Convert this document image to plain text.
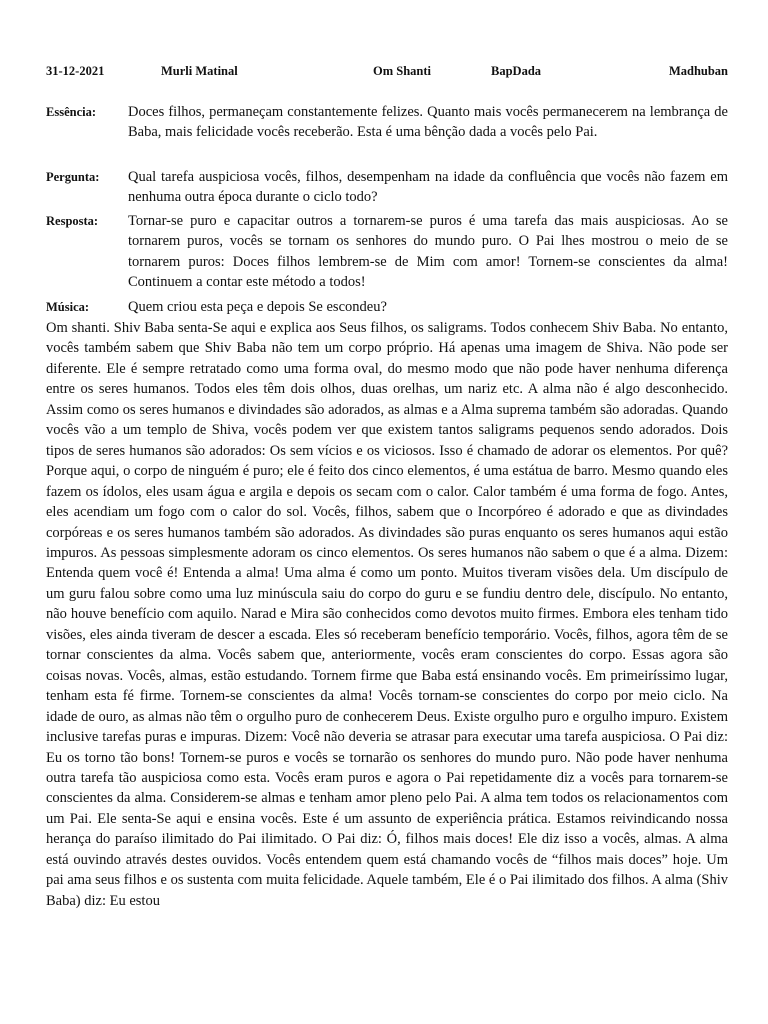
31-12-2021	Murli Matinal	Om Shanti	BapDada	Madhuban
Essência: Doces filhos, permaneçam constantemente felizes. Quanto mais vocês permanecerem na lembrança de Baba, mais felicidade vocês receberão. Esta é uma bênção dada a vocês pelo Pai.
Pergunta: Qual tarefa auspiciosa vocês, filhos, desempenham na idade da confluência que vocês não fazem em nenhuma outra época durante o ciclo todo?
Resposta: Tornar-se puro e capacitar outros a tornarem-se puros é uma tarefa das mais auspiciosas. Ao se tornarem puros, vocês se tornam os senhores do mundo puro. O Pai lhes mostrou o meio de se tornarem puros: Doces filhos lembrem-se de Mim com amor! Tornem-se conscientes da alma! Continuem a contar este método a todos!
Música:	Quem criou esta peça e depois Se escondeu?

Om shanti. Shiv Baba senta-Se aqui e explica aos Seus filhos, os saligrams. Todos conhecem Shiv Baba. No entanto, vocês também sabem que Shiv Baba não tem um corpo próprio. Há apenas uma imagem de Shiva. Não pode ser diferente. Ele é sempre retratado como uma forma oval, do mesmo modo que não pode haver nenhuma diferença entre os seres humanos. Todos eles têm dois olhos, duas orelhas, um nariz etc. A alma não é algo desconhecido. Assim como os seres humanos e divindades são adorados, as almas e a Alma suprema também são adoradas. Quando vocês vão a um templo de Shiva, vocês podem ver que existem tantos saligrams pequenos sendo adorados. Dois tipos de seres humanos são adorados: Os sem vícios e os viciosos. Isso é chamado de adorar os elementos. Por quê? Porque aqui, o corpo de ninguém é puro; ele é feito dos cinco elementos, é uma estátua de barro. Mesmo quando eles fazem os ídolos, eles usam água e argila e depois os secam com o calor. Calor também é uma forma de fogo. Antes, eles acendiam um fogo com o calor do sol. Vocês, filhos, sabem que o Incorpóreo é adorado e que as divindades corpóreas e os seres humanos também são adorados. As divindades são puras enquanto os seres humanos aqui estão impuros. As pessoas simplesmente adoram os cinco elementos. Os seres humanos não sabem o que é a alma. Dizem: Entenda quem você é! Entenda a alma! Uma alma é como um ponto. Muitos tiveram visões dela. Um discípulo de um guru falou sobre como uma luz minúscula saiu do corpo do guru e se fundiu dentro dele, discípulo. No entanto, não houve benefício com aquilo. Narad e Mira são conhecidos como devotos muito firmes. Embora eles tenham tido visões, eles ainda tiveram de descer a escada. Eles só receberam benefício temporário. Vocês, filhos, agora têm de se tornar conscientes da alma. Vocês sabem que, anteriormente, vocês eram conscientes do corpo. Essas agora são coisas novas. Vocês, almas, estão estudando. Tornem firme que Baba está ensinando vocês. Em primeiríssimo lugar, tenham esta fé firme. Tornem-se conscientes da alma! Vocês tornam-se conscientes do corpo por meio ciclo. Na idade de ouro, as almas não têm o orgulho puro de conhecerem Deus. Existe orgulho puro e orgulho impuro. Existem inclusive tarefas puras e impuras. Dizem: Você não deveria se atrasar para executar uma tarefa auspiciosa. O Pai diz: Eu os torno tão bons! Tornem-se puros e vocês se tornarão os senhores do mundo puro. Não pode haver nenhuma outra tarefa tão auspiciosa como esta. Vocês eram puros e agora o Pai repetidamente diz a vocês para tornarem-se conscientes da alma. Considerem-se almas e tenham amor pleno pelo Pai. A alma tem todos os relacionamentos com um Pai. Ele senta-Se aqui e ensina vocês. Este é um assunto de experiência prática. Estamos reivindicando nossa herança do paraíso ilimitado do Pai ilimitado. O Pai diz: Ó, filhos mais doces! Ele diz isso a vocês, almas. A alma está ouvindo através destes ouvidos. Vocês entendem quem está chamando vocês de “filhos mais doces” hoje. Um pai ama seus filhos e os sustenta com muita felicidade. Aquele também, Ele é o Pai ilimitado dos filhos. A alma (Shiv Baba) diz: Eu estou
